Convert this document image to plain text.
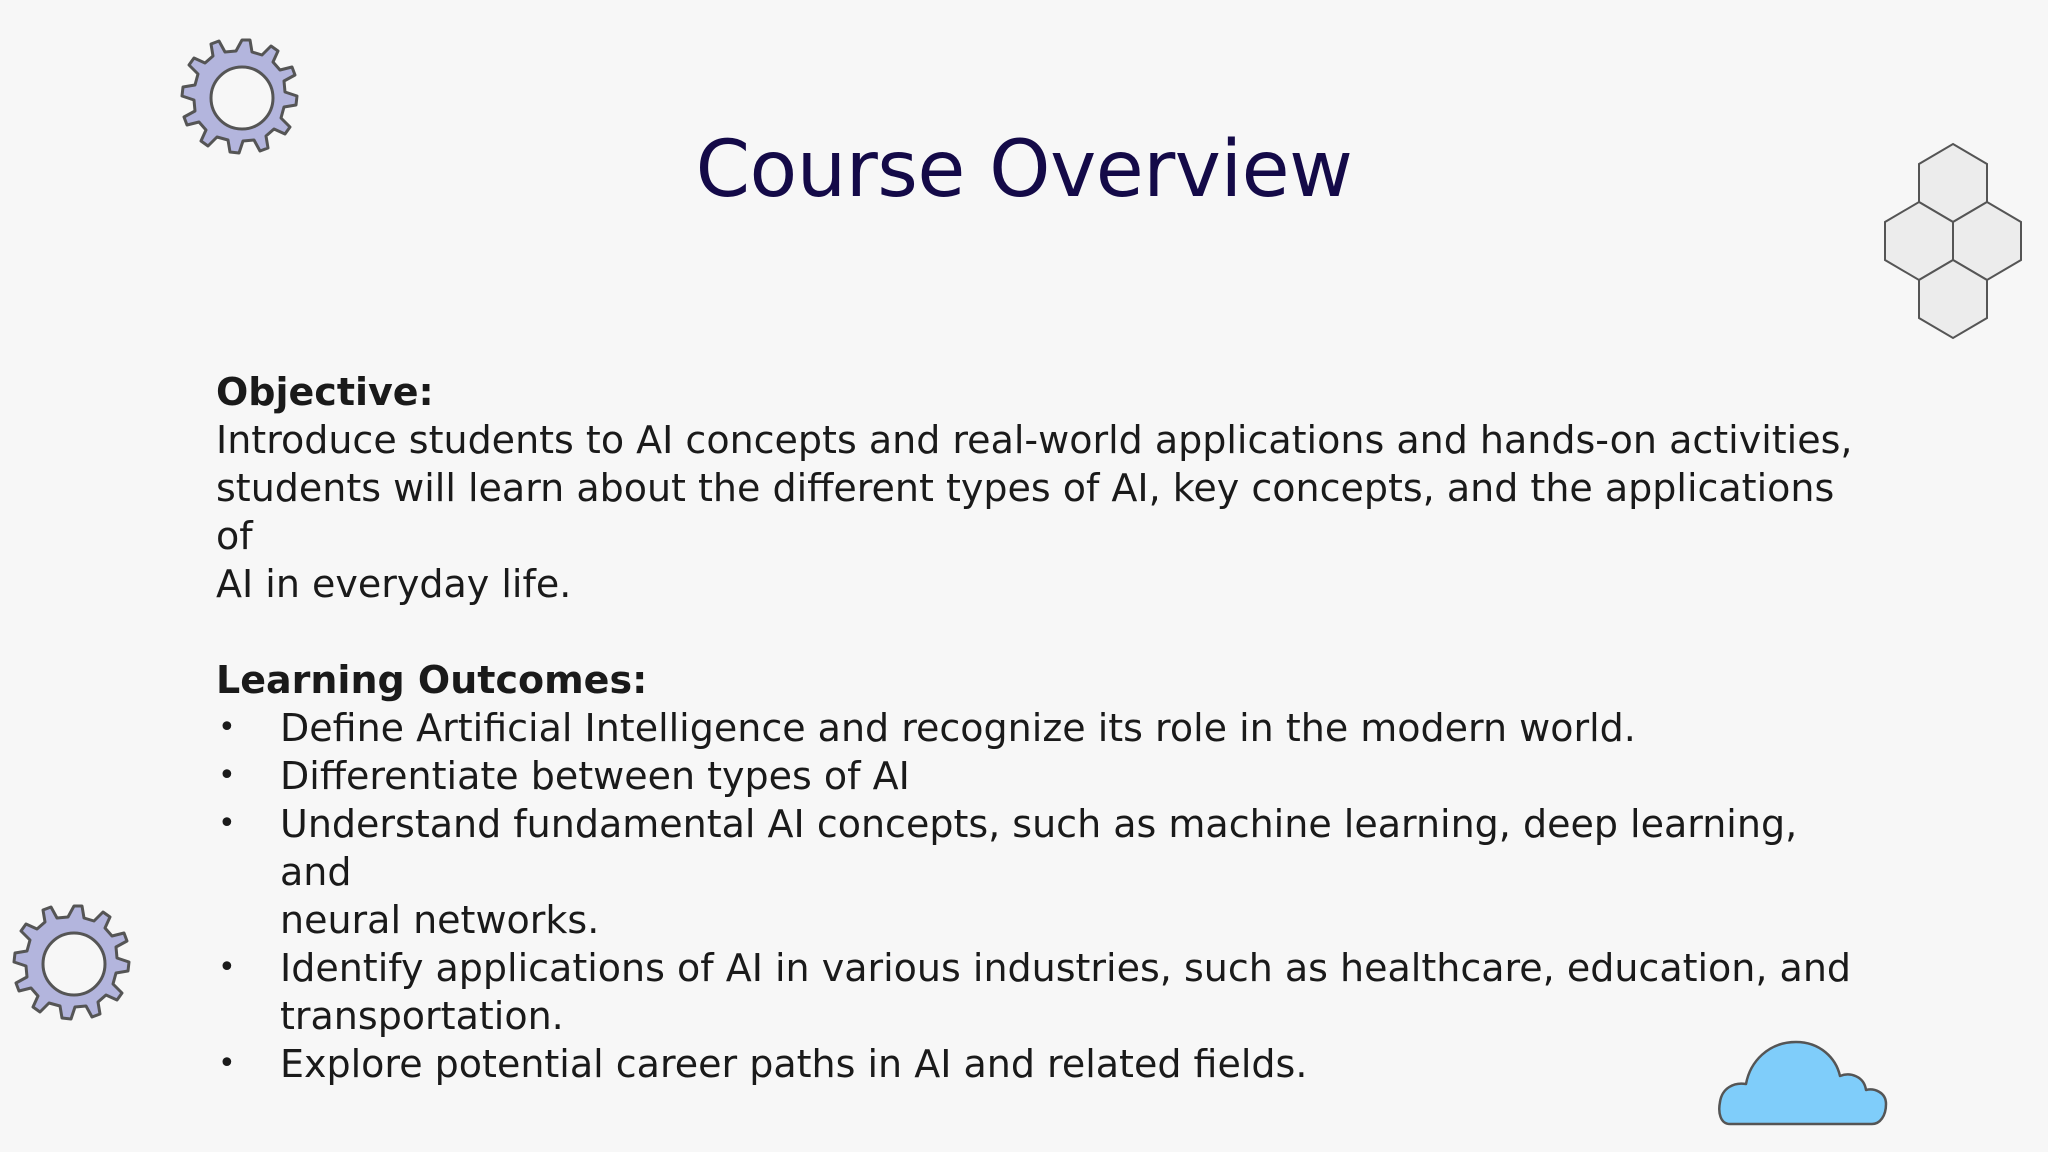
Course Overview

Objective:

Introduce students to AI concepts and real-world applications and hands-on activities,
students will learn about the different types of AI, key concepts, and the applications of
AI in everyday life.

Learning Outcomes:

•	Define Artificial Intelligence and recognize its role in the modern world.
•	Differentiate between types of AI
•	Understand fundamental AI concepts, such as machine learning, deep learning, and
neural networks.
•	Identify applications of AI in various industries, such as healthcare, education, and
transportation.
•	Explore potential career paths in AI and related fields.
